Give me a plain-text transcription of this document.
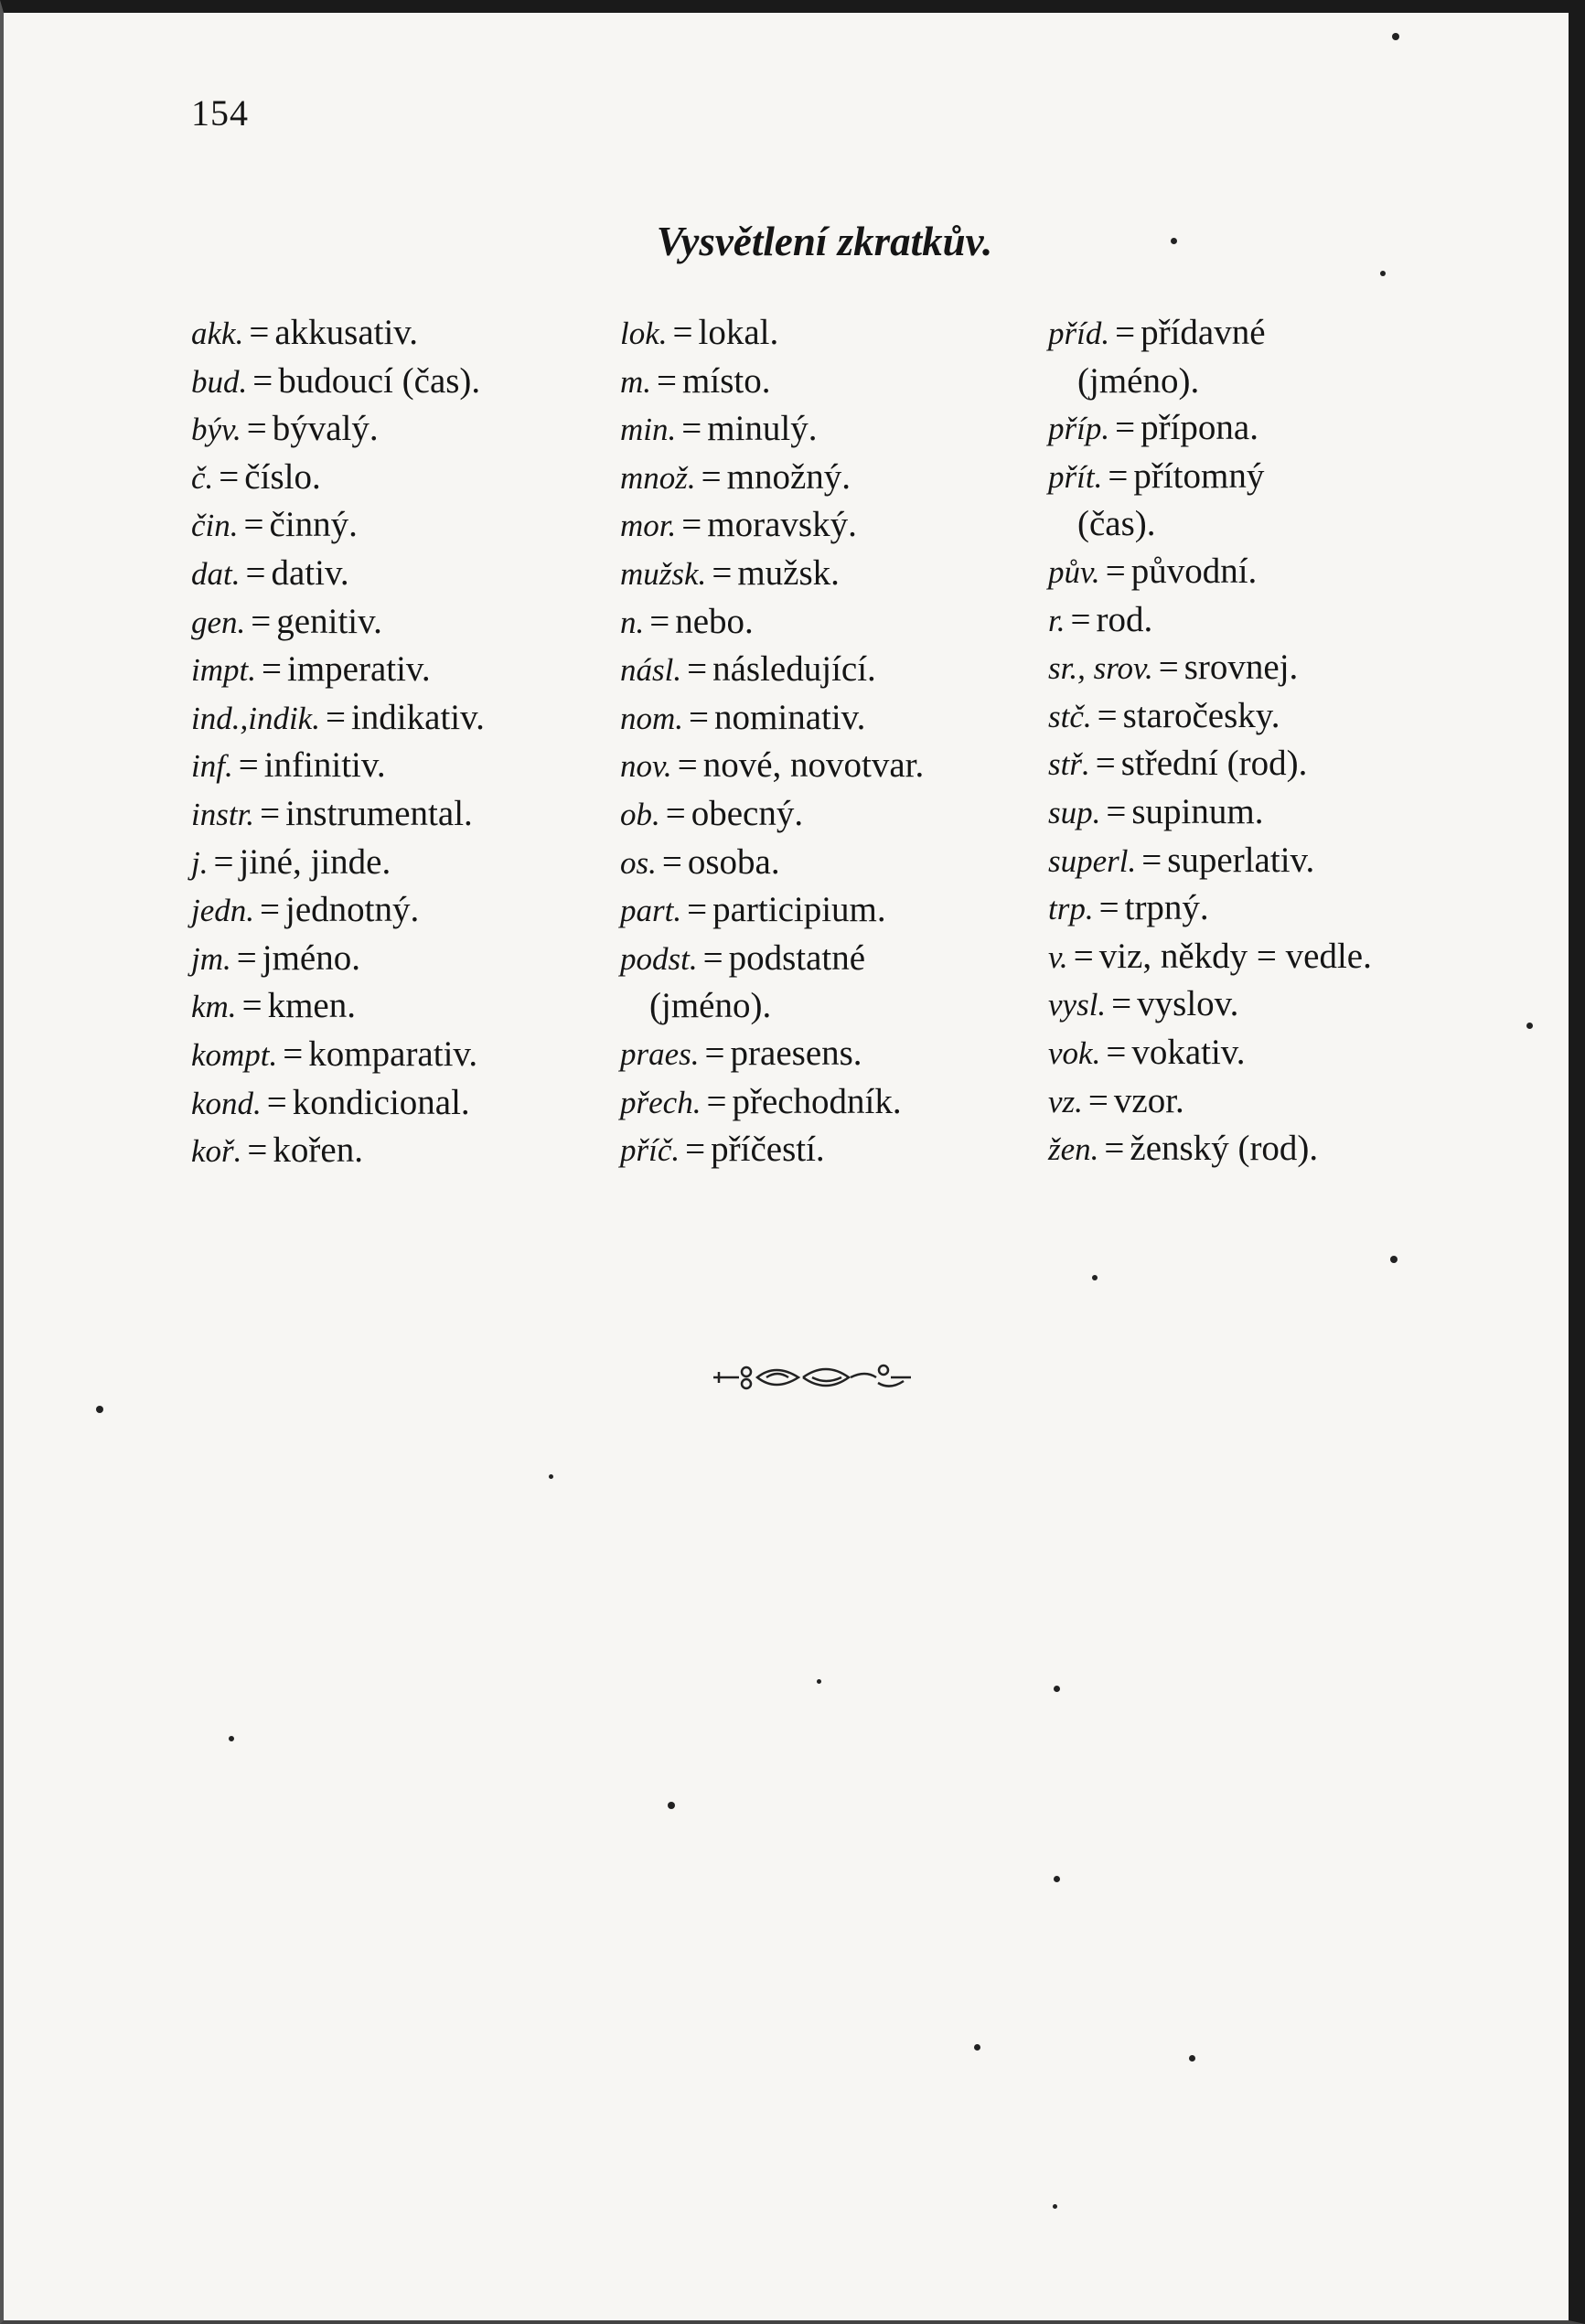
154
Vysvětlení zkratkův.
akk. = akkusativ.
bud. = budoucí (čas).
býv. = bývalý.
č. = číslo.
čin. = činný.
dat. = dativ.
gen. = genitiv.
impt. = imperativ.
ind.,indik. = indikativ.
inf. = infinitiv.
instr. = instrumental.
j. = jiné, jinde.
jedn. = jednotný.
jm. = jméno.
km. = kmen.
kompt. = komparativ.
kond. = kondicional.
koř. = kořen.
lok. = lokal.
m. = místo.
min. = minulý.
množ. = množný.
mor. = moravský.
mužsk. = mužsk.
n. = nebo.
násl. = následující.
nom. = nominativ.
nov. = nové, novotvar.
ob. = obecný.
os. = osoba.
part. = participium.
podst. = podstatné
(jméno).
praes. = praesens.
přech. = přechodník.
příč. = příčestí.
příd. = přídavné
(jméno).
příp. = přípona.
přít. = přítomný
(čas).
pův. = původní.
r. = rod.
sr., srov. = srovnej.
stč. = staročesky.
stř. = střední (rod).
sup. = supinum.
superl. = superlativ.
trp. = trpný.
v. = viz, někdy = vedle.
vysl. = vyslov.
vok. = vokativ.
vz. = vzor.
žen. = ženský (rod).
